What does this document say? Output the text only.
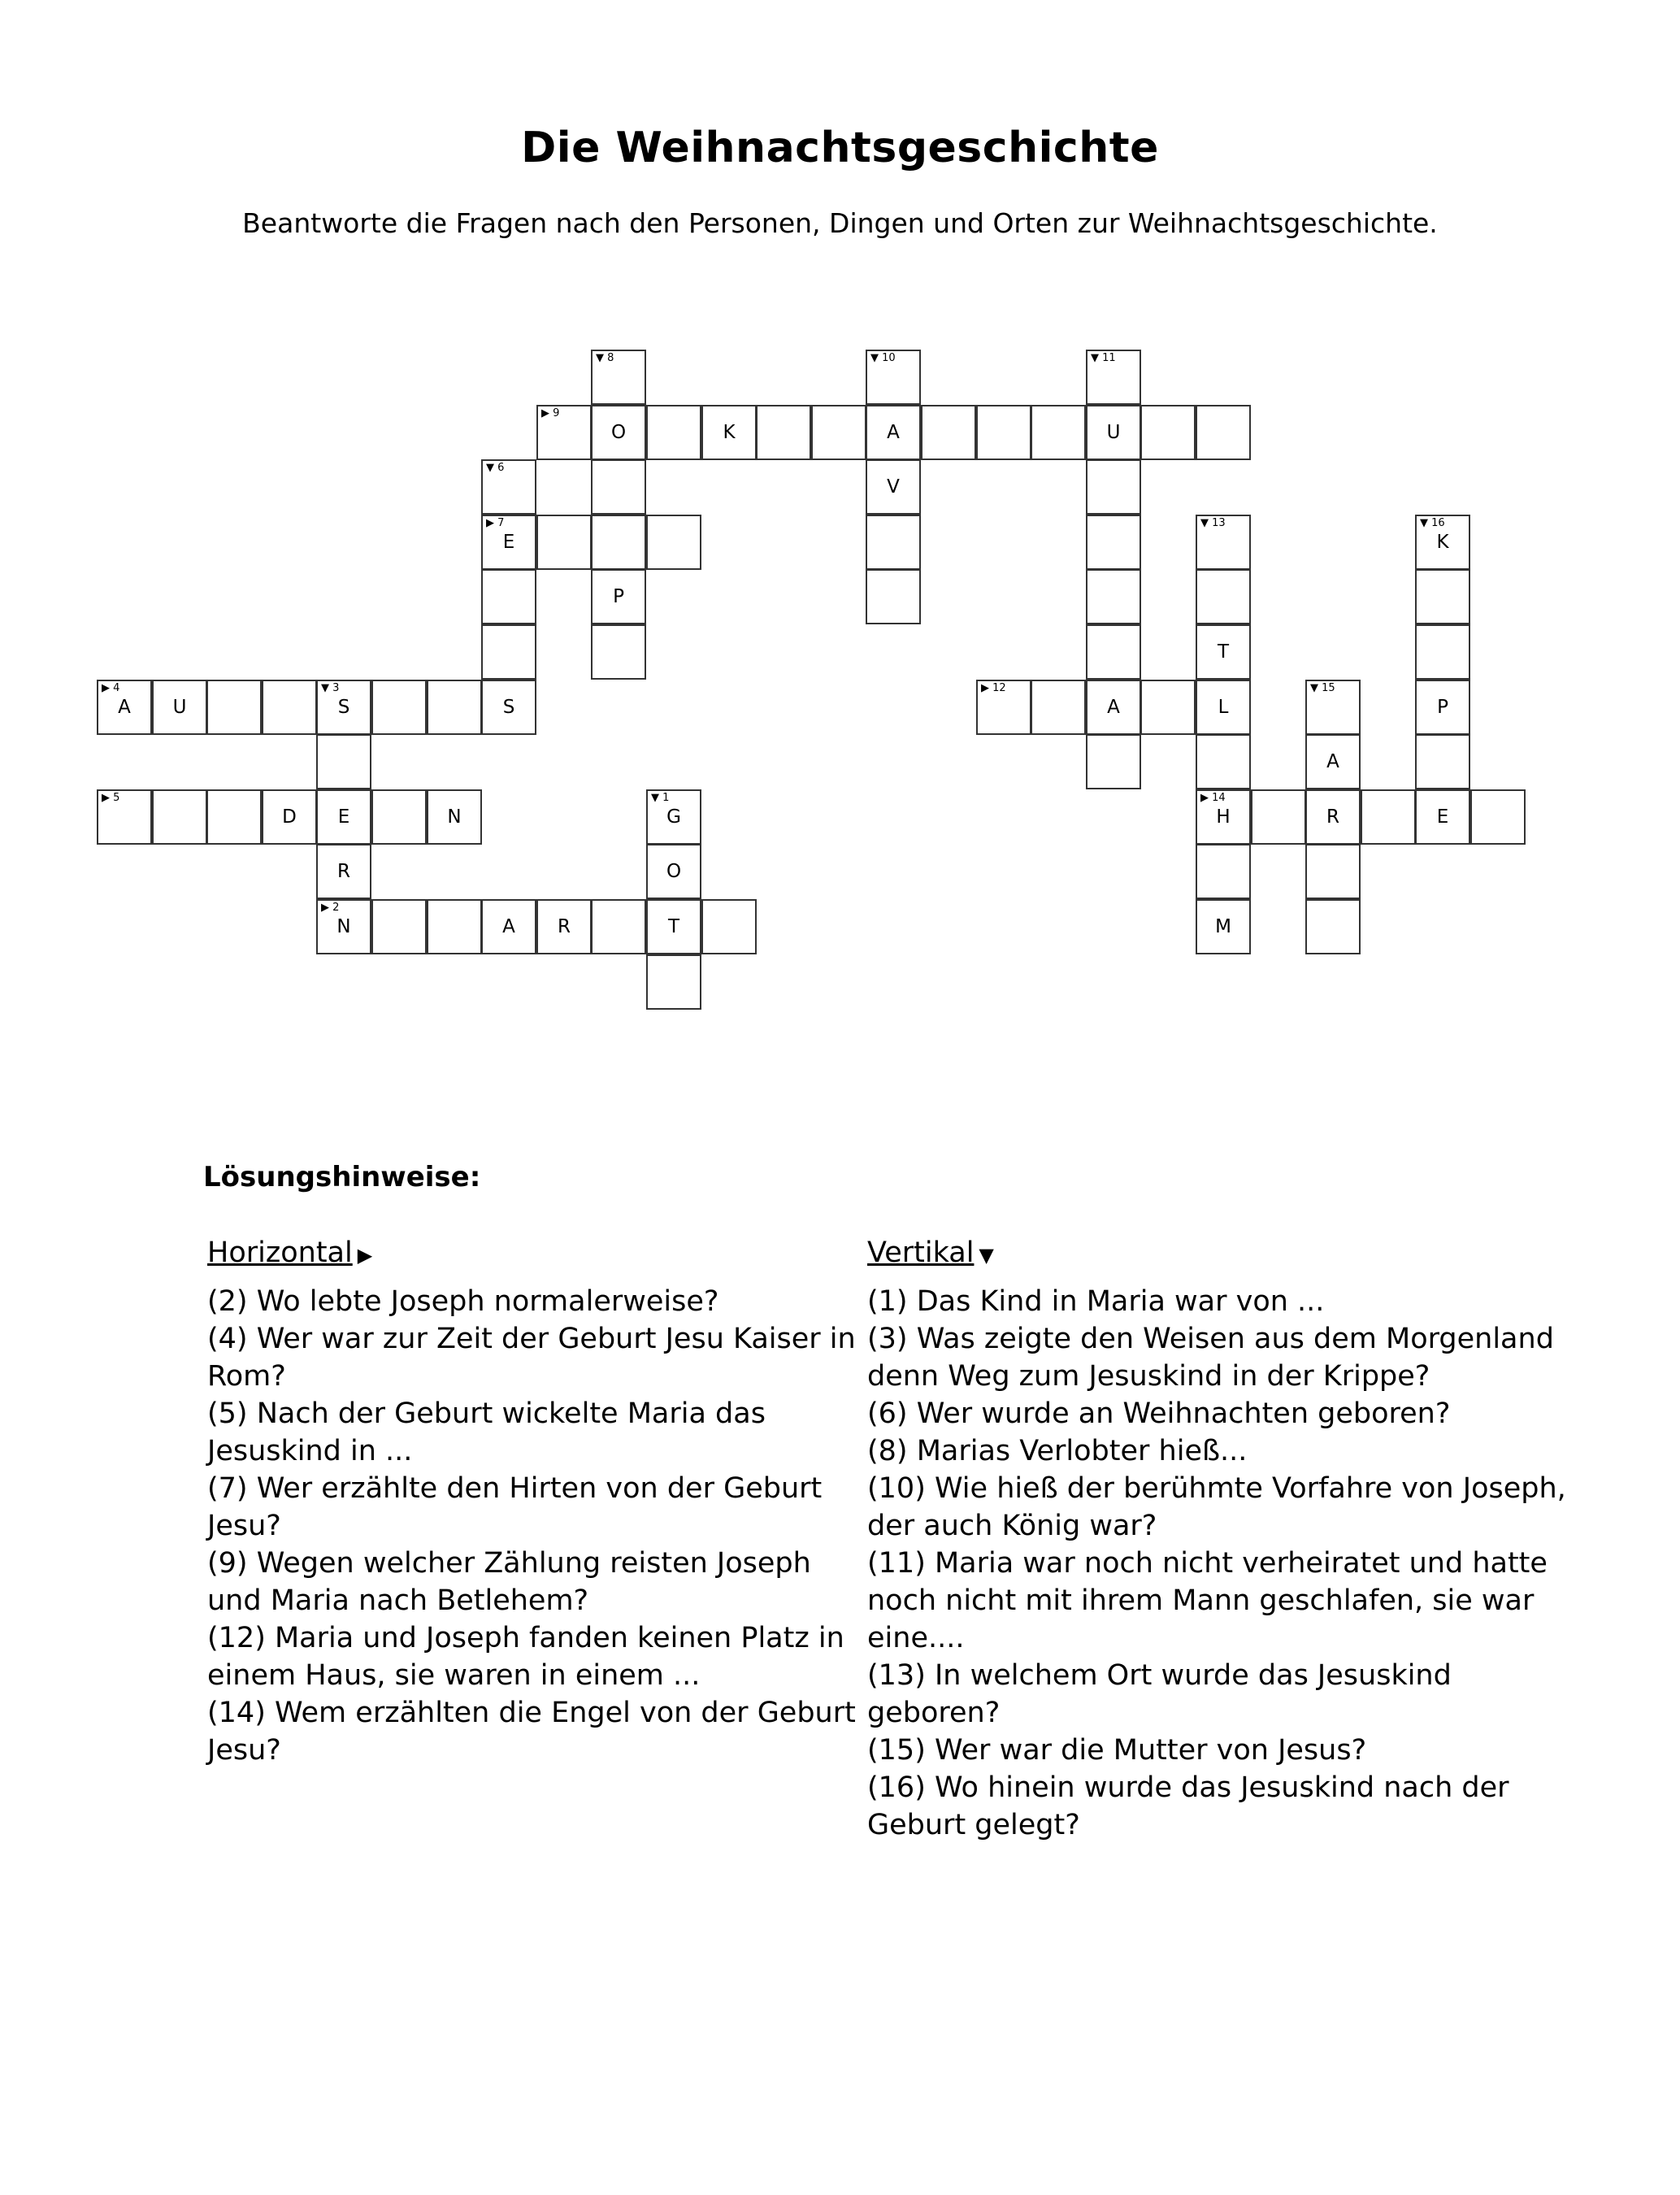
Die Weihnachtsgeschichte
Beantworte die Fragen nach den Personen, Dingen und Orten zur Weihnachtsgeschichte.
▼ 8	▼ 10	▼ 11
▶ 9
O	K	A	U
▼ 6
V
▶ 7
E
▼ 13	▼ 16
K
P
T
▶ 4
A	U
▼ 3
S	S
▶ 12
A	L
▼ 15
P
A
▶ 5
D	E	N
▼ 1
G
▶ 14
H	R	E
R	O
▶ 2
N	A	R	T	M
Lösungshinweise:
Horizontal ▶
(2) Wo lebte Joseph normalerweise?
(4) Wer war zur Zeit der Geburt Jesu Kaiser in Rom?
(5) Nach der Geburt wickelte Maria das Jesuskind in ...
(7) Wer erzählte den Hirten von der Geburt Jesu?
(9) Wegen welcher Zählung reisten Joseph und Maria nach Betlehem?
(12) Maria und Joseph fanden keinen Platz in einem Haus, sie waren in einem ...
(14) Wem erzählten die Engel von der Geburt Jesu?
Vertikal ▼
(1) Das Kind in Maria war von ...
(3) Was zeigte den Weisen aus dem Morgenland denn Weg zum Jesuskind in der Krippe?
(6) Wer wurde an Weihnachten geboren?
(8) Marias Verlobter hieß...
(10) Wie hieß der berühmte Vorfahre von Joseph, der auch König war?
(11) Maria war noch nicht verheiratet und hatte noch nicht mit ihrem Mann geschlafen, sie war eine....
(13) In welchem Ort wurde das Jesuskind geboren?
(15) Wer war die Mutter von Jesus?
(16) Wo hinein wurde das Jesuskind nach der Geburt gelegt?
